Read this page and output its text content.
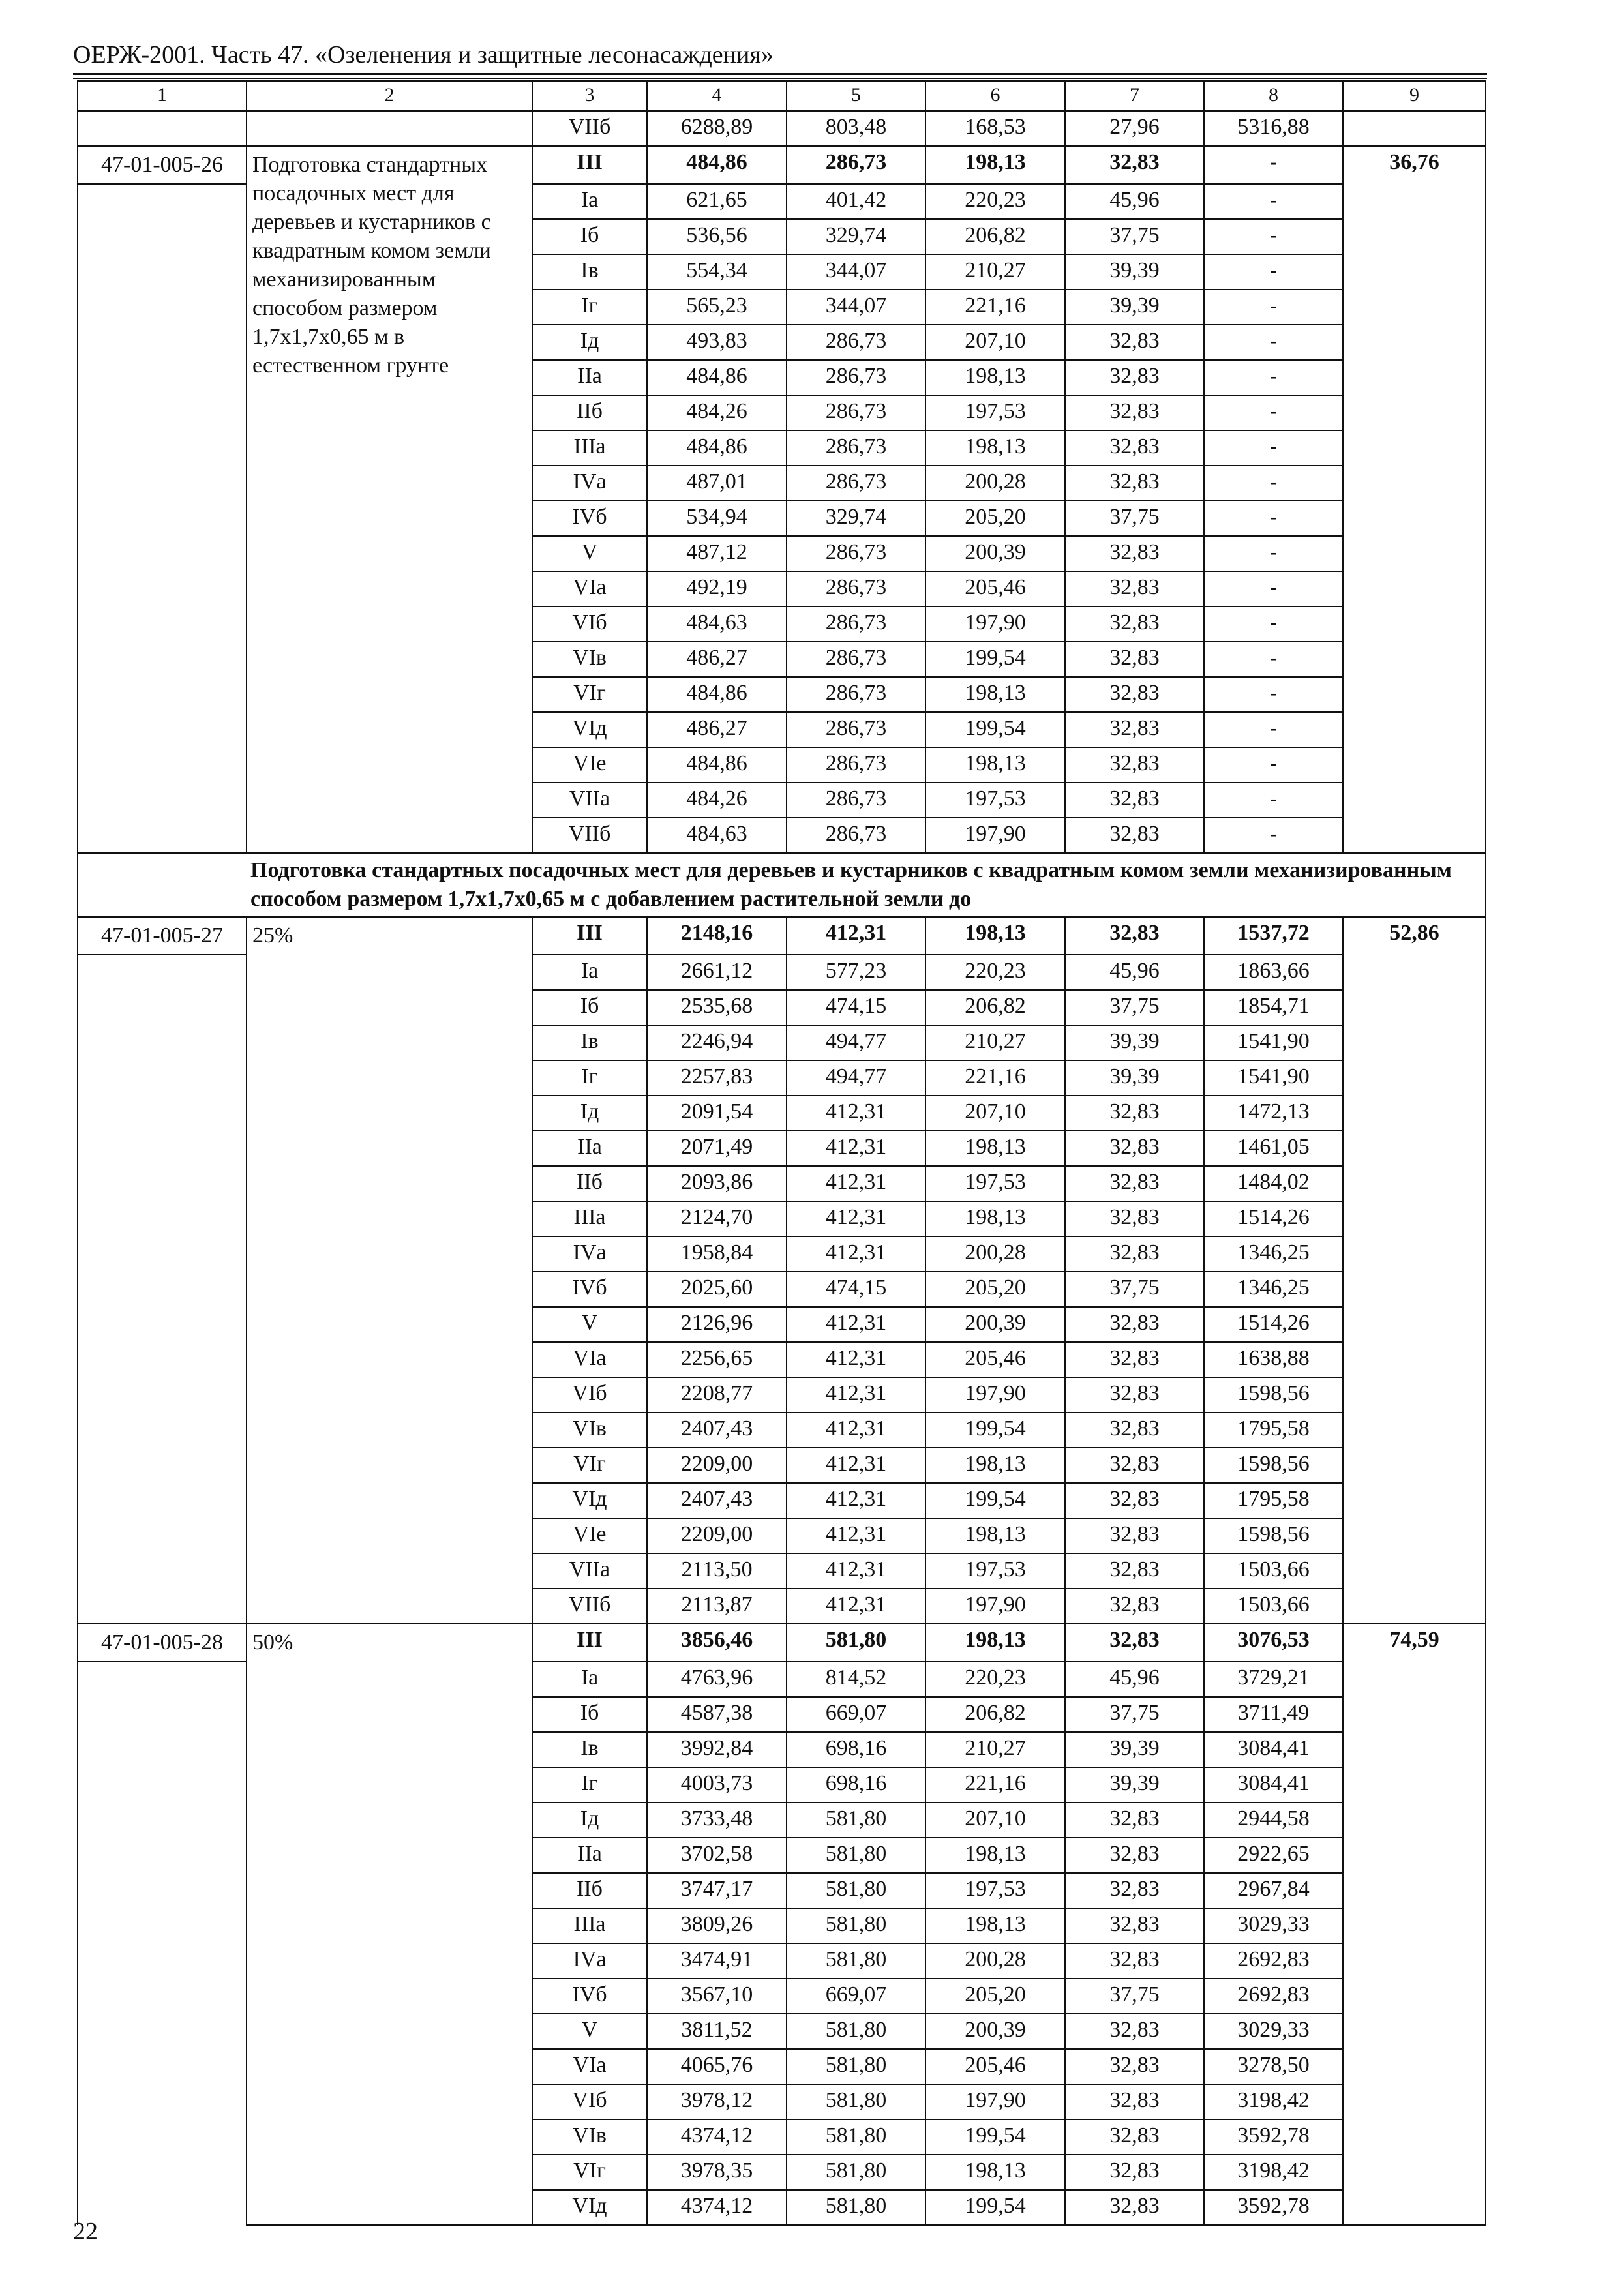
ОЕРЖ-2001. Часть 47. «Озеленения и защитные лесонасаждения»
1	2	3	4	5	6	7	8	9
		VIIб	6288,89	803,48	168,53	27,96	5316,88	
47-01-005-26	Подготовка стандартных посадочных мест для деревьев и кустарников с квадратным комом земли механизированным способом размером 1,7x1,7x0,65 м в естественном грунте	III	484,86	286,73	198,13	32,83	-	36,76
		Iа	621,65	401,42	220,23	45,96	-	
		Iб	536,56	329,74	206,82	37,75	-	
		Iв	554,34	344,07	210,27	39,39	-	
		Iг	565,23	344,07	221,16	39,39	-	
		Iд	493,83	286,73	207,10	32,83	-	
		IIа	484,86	286,73	198,13	32,83	-	
		IIб	484,26	286,73	197,53	32,83	-	
		IIIа	484,86	286,73	198,13	32,83	-	
		IVа	487,01	286,73	200,28	32,83	-	
		IVб	534,94	329,74	205,20	37,75	-	
		V	487,12	286,73	200,39	32,83	-	
		VIа	492,19	286,73	205,46	32,83	-	
		VIб	484,63	286,73	197,90	32,83	-	
		VIв	486,27	286,73	199,54	32,83	-	
		VIг	484,86	286,73	198,13	32,83	-	
		VIд	486,27	286,73	199,54	32,83	-	
		VIе	484,86	286,73	198,13	32,83	-	
		VIIа	484,26	286,73	197,53	32,83	-	
		VIIб	484,63	286,73	197,90	32,83	-	
Подготовка стандартных посадочных мест для деревьев и кустарников с квадратным комом земли механизированным способом размером 1,7x1,7x0,65 м с добавлением растительной земли до								
47-01-005-27	25%	III	2148,16	412,31	198,13	32,83	1537,72	52,86
		Iа	2661,12	577,23	220,23	45,96	1863,66	
		Iб	2535,68	474,15	206,82	37,75	1854,71	
		Iв	2246,94	494,77	210,27	39,39	1541,90	
		Iг	2257,83	494,77	221,16	39,39	1541,90	
		Iд	2091,54	412,31	207,10	32,83	1472,13	
		IIа	2071,49	412,31	198,13	32,83	1461,05	
		IIб	2093,86	412,31	197,53	32,83	1484,02	
		IIIа	2124,70	412,31	198,13	32,83	1514,26	
		IVа	1958,84	412,31	200,28	32,83	1346,25	
		IVб	2025,60	474,15	205,20	37,75	1346,25	
		V	2126,96	412,31	200,39	32,83	1514,26	
		VIа	2256,65	412,31	205,46	32,83	1638,88	
		VIб	2208,77	412,31	197,90	32,83	1598,56	
		VIв	2407,43	412,31	199,54	32,83	1795,58	
		VIг	2209,00	412,31	198,13	32,83	1598,56	
		VIд	2407,43	412,31	199,54	32,83	1795,58	
		VIе	2209,00	412,31	198,13	32,83	1598,56	
		VIIа	2113,50	412,31	197,53	32,83	1503,66	
		VIIб	2113,87	412,31	197,90	32,83	1503,66	
47-01-005-28	50%	III	3856,46	581,80	198,13	32,83	3076,53	74,59
		Iа	4763,96	814,52	220,23	45,96	3729,21	
		Iб	4587,38	669,07	206,82	37,75	3711,49	
		Iв	3992,84	698,16	210,27	39,39	3084,41	
		Iг	4003,73	698,16	221,16	39,39	3084,41	
		Iд	3733,48	581,80	207,10	32,83	2944,58	
		IIа	3702,58	581,80	198,13	32,83	2922,65	
		IIб	3747,17	581,80	197,53	32,83	2967,84	
		IIIа	3809,26	581,80	198,13	32,83	3029,33	
		IVа	3474,91	581,80	200,28	32,83	2692,83	
		IVб	3567,10	669,07	205,20	37,75	2692,83	
		V	3811,52	581,80	200,39	32,83	3029,33	
		VIа	4065,76	581,80	205,46	32,83	3278,50	
		VIб	3978,12	581,80	197,90	32,83	3198,42	
		VIв	4374,12	581,80	199,54	32,83	3592,78	
		VIг	3978,35	581,80	198,13	32,83	3198,42	
		VIд	4374,12	581,80	199,54	32,83	3592,78	
22
